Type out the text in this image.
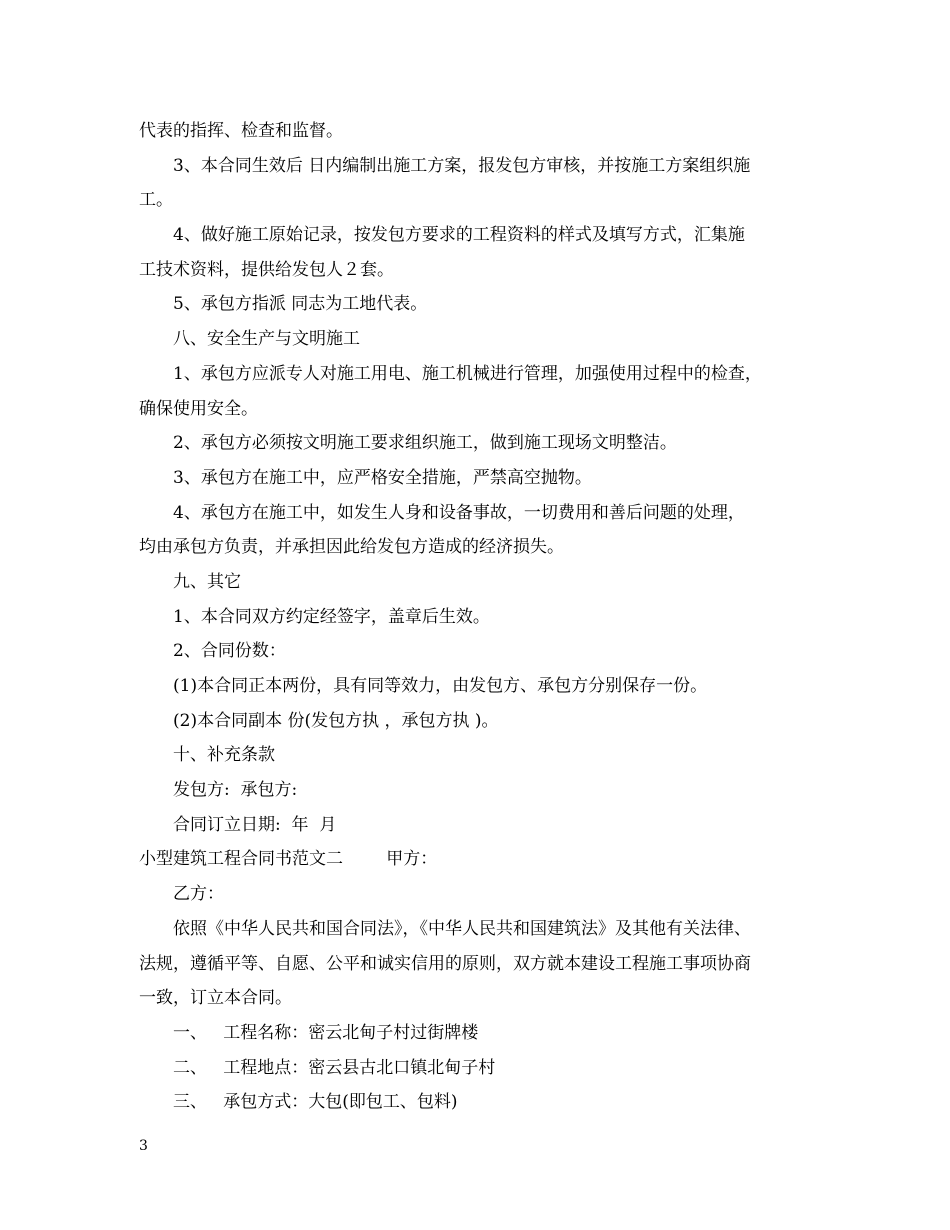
代表的指挥、检查和监督。

3、本合同生效后 日内编制出施工方案，报发包方审核，并按施工方案组织施

工。

4、做好施工原始记录，按发包方要求的工程资料的样式及填写方式，汇集施

工技术资料，提供给发包人２套。

5、承包方指派 同志为工地代表。

八、安全生产与文明施工

1、承包方应派专人对施工用电、施工机械进行管理，加强使用过程中的检查，

确保使用安全。

2、承包方必须按文明施工要求组织施工，做到施工现场文明整洁。

3、承包方在施工中，应严格安全措施，严禁高空抛物。

4、承包方在施工中，如发生人身和设备事故，一切费用和善后问题的处理，

均由承包方负责，并承担因此给发包方造成的经济损失。

九、其它

1、本合同双方约定经签字，盖章后生效。

2、合同份数：

(1)本合同正本两份，具有同等效力，由发包方、承包方分别保存一份。

(2)本合同副本 份(发包方执 ，承包方执 )。

十、补充条款

发包方:  承包方:

合同订立日期:  年  月

小型建筑工程合同书范文二        甲方：

乙方：

依照《中华人民共和国合同法》，《中华人民共和国建筑法》及其他有关法律、

法规，遵循平等、自愿、公平和诚实信用的原则，双方就本建设工程施工事项协商

一致，订立本合同。

一、   工程名称：密云北甸子村过街牌楼

二、   工程地点：密云县古北口镇北甸子村

三、   承包方式：大包(即包工、包料)

3
